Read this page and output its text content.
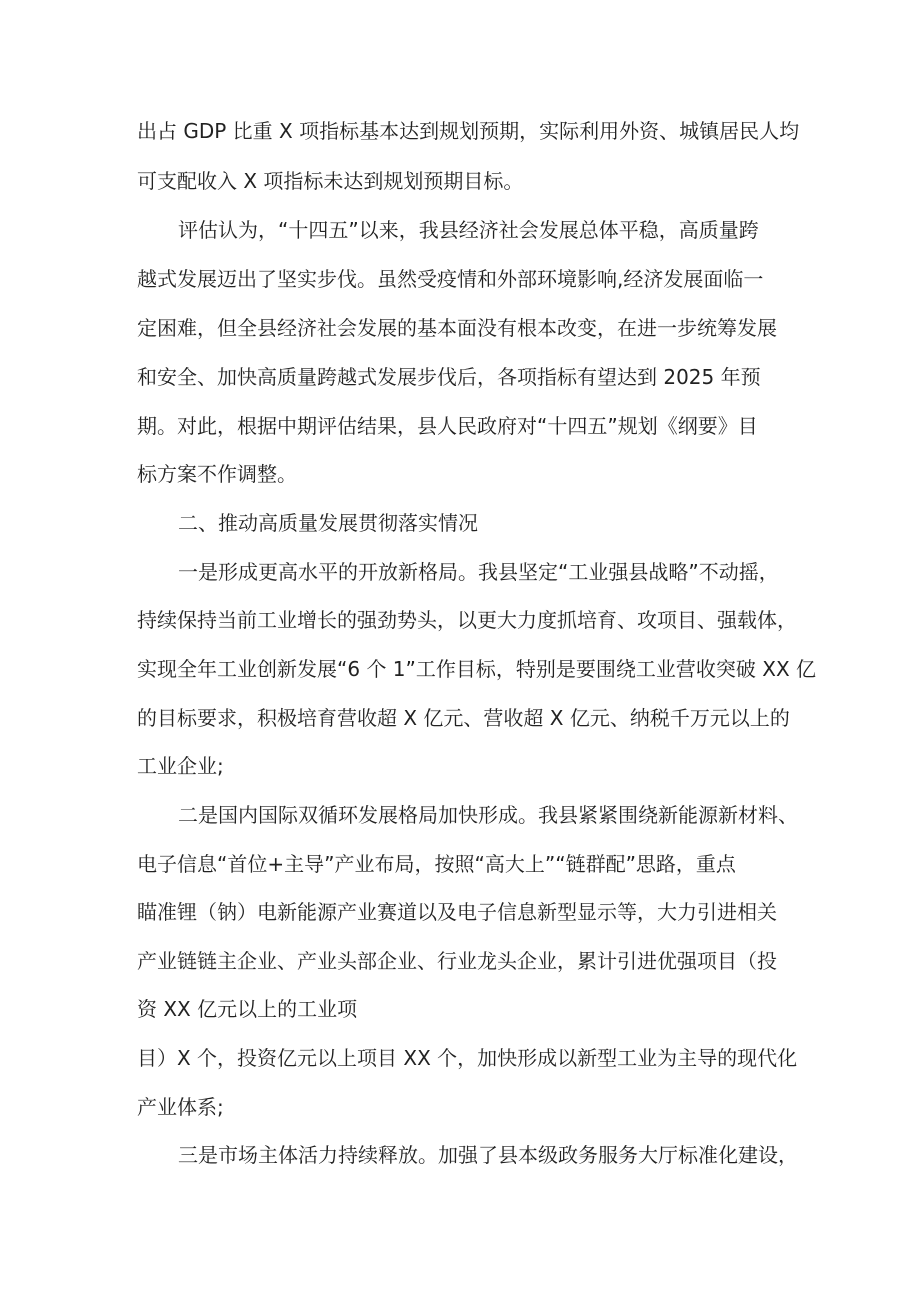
出占 GDP 比重 X 项指标基本达到规划预期，实际利用外资、城镇居民人均
可支配收入 X 项指标未达到规划预期目标。
评估认为，“十四五”以来，我县经济社会发展总体平稳，高质量跨
越式发展迈出了坚实步伐。虽然受疫情和外部环境影响,经济发展面临一
定困难，但全县经济社会发展的基本面没有根本改变，在进一步统筹发展
和安全、加快高质量跨越式发展步伐后，各项指标有望达到 2025 年预
期。对此，根据中期评估结果，县人民政府对“十四五”规划《纲要》目
标方案不作调整。
二、推动高质量发展贯彻落实情况
一是形成更高水平的开放新格局。我县坚定“工业强县战略”不动摇，
持续保持当前工业增长的强劲势头，以更大力度抓培育、攻项目、强载体，
实现全年工业创新发展“6 个 1”工作目标，特别是要围绕工业营收突破 XX 亿
的目标要求，积极培育营收超 X 亿元、营收超 X 亿元、纳税千万元以上的
工业企业;
二是国内国际双循环发展格局加快形成。我县紧紧围绕新能源新材料、
电子信息“首位+主导”产业布局，按照“高大上”“链群配”思路，重点
瞄准锂（钠）电新能源产业赛道以及电子信息新型显示等，大力引进相关
产业链链主企业、产业头部企业、行业龙头企业，累计引进优强项目（投
资 XX 亿元以上的工业项
目）X 个，投资亿元以上项目 XX 个，加快形成以新型工业为主导的现代化
产业体系;
三是市场主体活力持续释放。加强了县本级政务服务大厅标准化建设，
